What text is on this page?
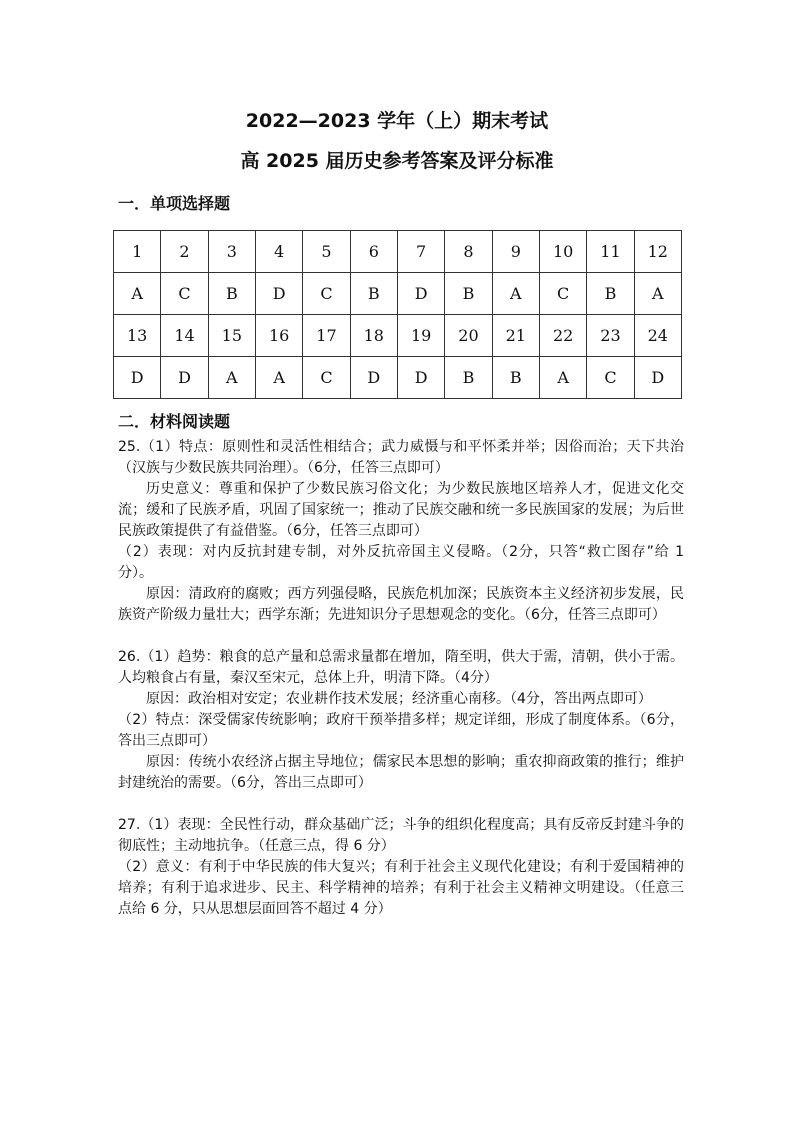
2022—2023 学年（上）期末考试
高 2025 届历史参考答案及评分标准
一．单项选择题
1	2	3	4	5	6	7	8	9	10	11	12
A	C	B	D	C	B	D	B	A	C	B	A
13	14	15	16	17	18	19	20	21	22	23	24
D	D	A	A	C	D	D	B	B	A	C	D
二．材料阅读题

25.（1）特点：原则性和灵活性相结合；武力威慑与和平怀柔并举；因俗而治；天下共治（汉族与少数民族共同治理）。（6分，任答三点即可）

历史意义：尊重和保护了少数民族习俗文化；为少数民族地区培养人才，促进文化交流；缓和了民族矛盾，巩固了国家统一；推动了民族交融和统一多民族国家的发展；为后世民族政策提供了有益借鉴。（6分，任答三点即可）

（2）表现：对内反抗封建专制，对外反抗帝国主义侵略。（2分，只答“救亡图存”给 1 分）。

原因：清政府的腐败；西方列强侵略，民族危机加深；民族资本主义经济初步发展，民族资产阶级力量壮大；西学东渐；先进知识分子思想观念的变化。（6分，任答三点即可）

26.（1）趋势：粮食的总产量和总需求量都在增加，隋至明，供大于需，清朝，供小于需。人均粮食占有量，秦汉至宋元，总体上升，明清下降。（4分）

原因：政治相对安定；农业耕作技术发展；经济重心南移。（4分，答出两点即可）

（2）特点：深受儒家传统影响；政府干预举措多样；规定详细，形成了制度体系。（6分，答出三点即可）

原因：传统小农经济占据主导地位；儒家民本思想的影响；重农抑商政策的推行；维护封建统治的需要。（6分，答出三点即可）

27.（1）表现：全民性行动，群众基础广泛；斗争的组织化程度高；具有反帝反封建斗争的彻底性；主动地抗争。（任意三点，得 6 分）

（2）意义：有利于中华民族的伟大复兴；有利于社会主义现代化建设；有利于爱国精神的培养；有利于追求进步、民主、科学精神的培养；有利于社会主义精神文明建设。（任意三点给 6 分，只从思想层面回答不超过 4 分）
